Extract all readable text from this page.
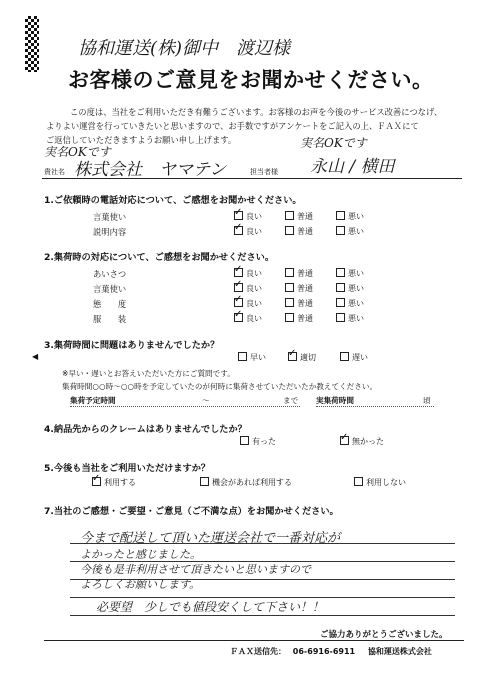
協和運送(株)御中　渡辺様
お客様のご意見をお聞かせください。

この度は、当社をご利用いただき有難うございます。お客様のお声を今後のサービス改善につなげ、

よりよい運営を行っていきたいと思いますので、お手数ですがアンケートをご記入の上、ＦＡＸにて

ご返信していただきますようお願い申し上げます。

実名OKです
貴社名 株式会社　ヤマテン
実名OKです
担当者様 永山 / 横田
1.ご依頼時の電話対応について、ご感想をお聞かせください。
言葉使い ✓	良い	普通	悪い
説明内容 ✓	良い	普通	悪い
2.集荷時の対応について、ご感想をお聞かせください。
あいさつ ✓	良い	普通	悪い
言葉使い ✓	良い	普通	悪い
態　　度 ✓	良い	普通	悪い
服　　装 ✓	良い	普通	悪い
3.集荷時間に問題はありませんでしたか？
◀	早い ✓	適切	遅い
※早い・遅いとお答えいただいた方にご質問です。
集荷時間○○時～○○時を予定していたのが何時に集荷させていただいたか教えてください。
集荷予定時間	～	まで 実集荷時間	頃
4.納品先からのクレームはありませんでしたか？
有った ✓	無かった
5.今後も当社をご利用いただけますか？
✓利用する	機会があれば利用する	利用しない
7.当社のご感想・ご要望・ご意見（ご不満な点）をお聞かせください。
今まで配送して頂いた運送会社で一番対応が
よかったと感じました。
今後も是非利用させて頂きたいと思いますので
よろしくお願いします。
必要望　少しでも値段安くして下さい！！
ご協力ありがとうございました。
ＦＡＸ送信先： 06-6916-6911 協和運送株式会社
